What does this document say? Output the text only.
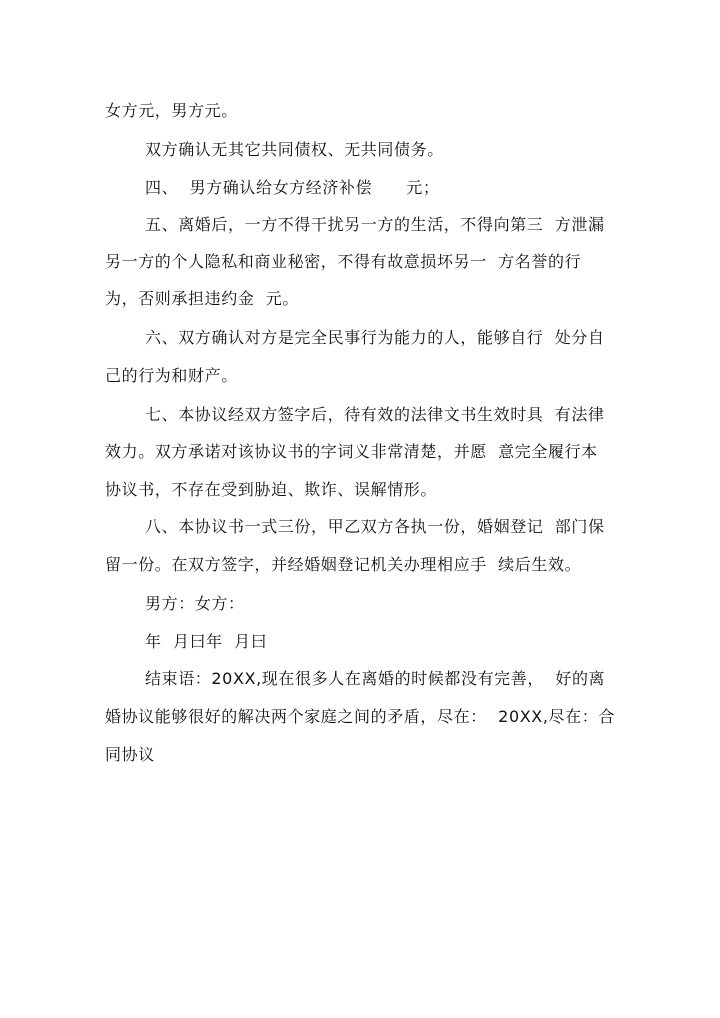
女方元，男方元。
双方确认无其它共同债权、无共同债务。
四、  男方确认给女方经济补偿      元；
五、离婚后，一方不得干扰另一方的生活，不得向第三  方泄漏
另一方的个人隐私和商业秘密，不得有故意损坏另一  方名誉的行
为，否则承担违约金  元。
六、双方确认对方是完全民事行为能力的人，能够自行  处分自
己的行为和财产。
七、本协议经双方签字后，待有效的法律文书生效时具  有法律
效力。双方承诺对该协议书的字词义非常清楚，并愿  意完全履行本
协议书，不存在受到胁迫、欺诈、误解情形。
八、本协议书一式三份，甲乙双方各执一份，婚姻登记  部门保
留一份。在双方签字，并经婚姻登记机关办理相应手  续后生效。
男方：女方：
年  月曰年  月曰
结束语：20XX,现在很多人在离婚的时候都没有完善，  好的离
婚协议能够很好的解决两个家庭之间的矛盾，尽在：  20XX,尽在：合
同协议
